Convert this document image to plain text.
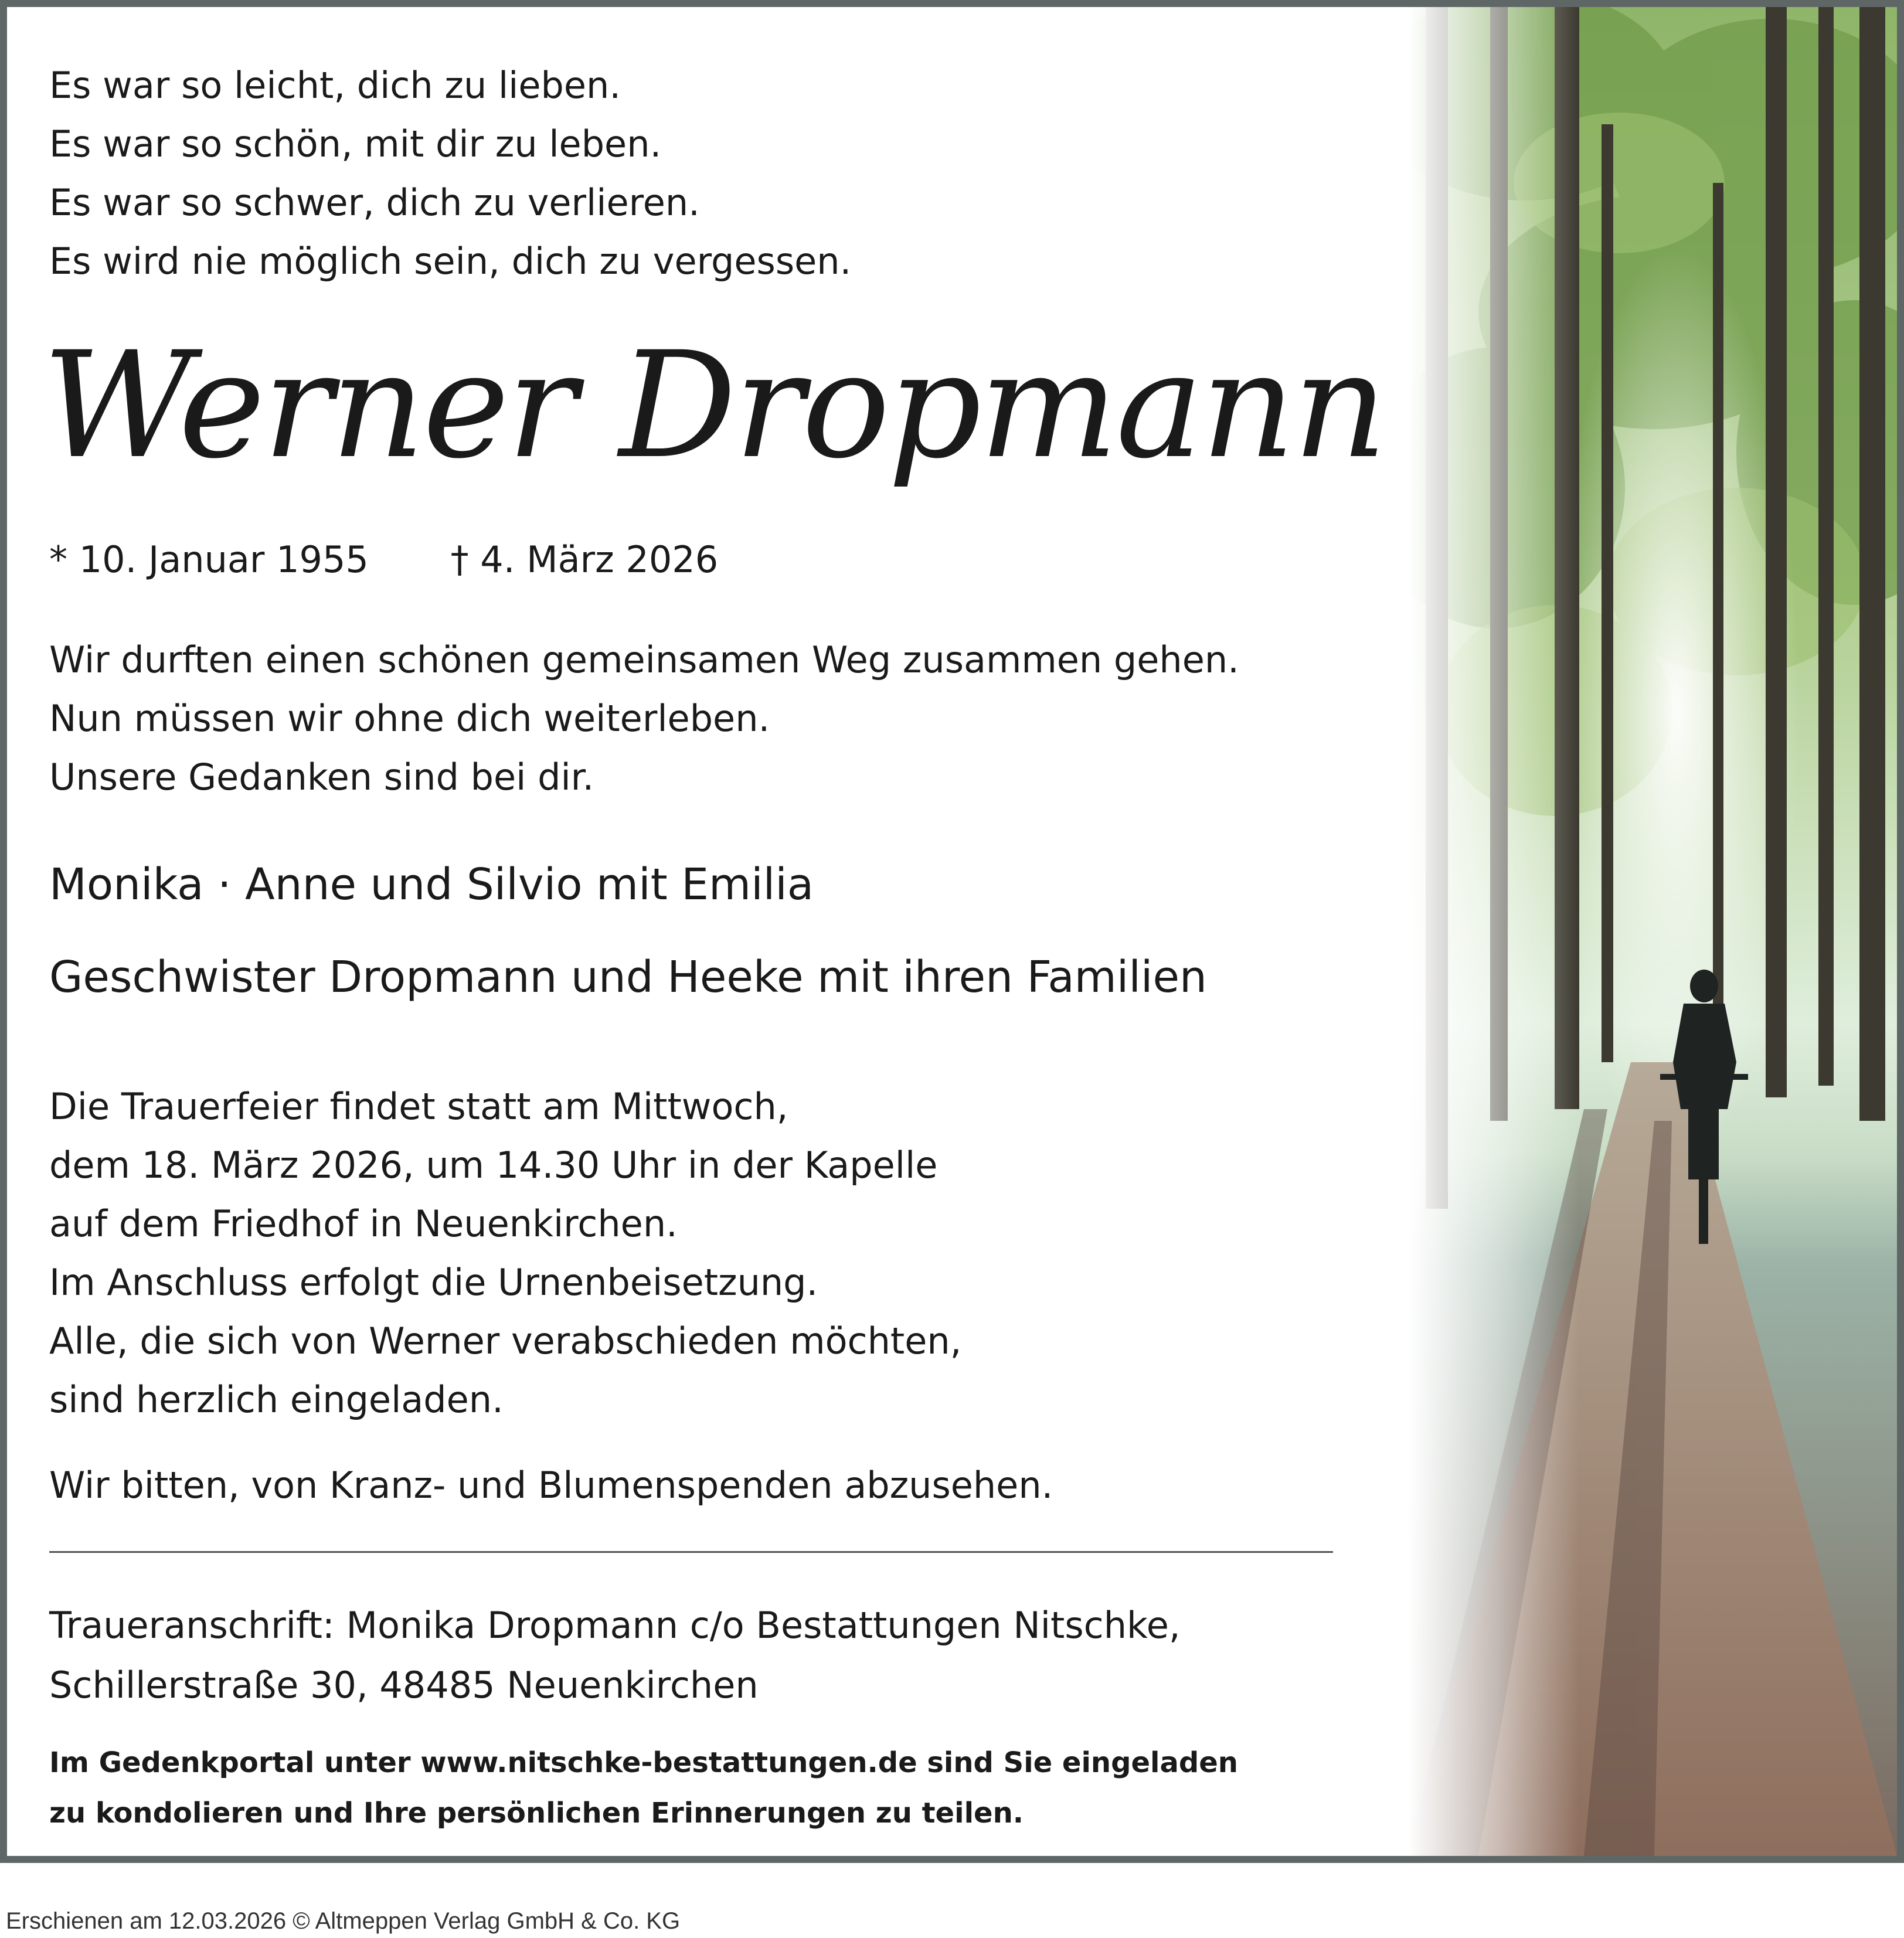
Es war so leicht, dich zu lieben.
Es war so schön, mit dir zu leben.
Es war so schwer, dich zu verlieren.
Es wird nie möglich sein, dich zu vergessen.
Werner Dropmann
* 10. Januar 1955 † 4. März 2026
Wir durften einen schönen gemeinsamen Weg zusammen gehen.
Nun müssen wir ohne dich weiterleben.
Unsere Gedanken sind bei dir.
Monika · Anne und Silvio mit Emilia
Geschwister Dropmann und Heeke mit ihren Familien
Die Trauerfeier findet statt am Mittwoch,
dem 18. März 2026, um 14.30 Uhr in der Kapelle
auf dem Friedhof in Neuenkirchen.
Im Anschluss erfolgt die Urnenbeisetzung.
Alle, die sich von Werner verabschieden möchten,
sind herzlich eingeladen.
Wir bitten, von Kranz- und Blumenspenden abzusehen.
Traueranschrift: Monika Dropmann c/o Bestattungen Nitschke,
Schillerstraße 30, 48485 Neuenkirchen
Im Gedenkportal unter www.nitschke-bestattungen.de sind Sie eingeladen
zu kondolieren und Ihre persönlichen Erinnerungen zu teilen.
Erschienen am 12.03.2026 © Altmeppen Verlag GmbH & Co. KG
